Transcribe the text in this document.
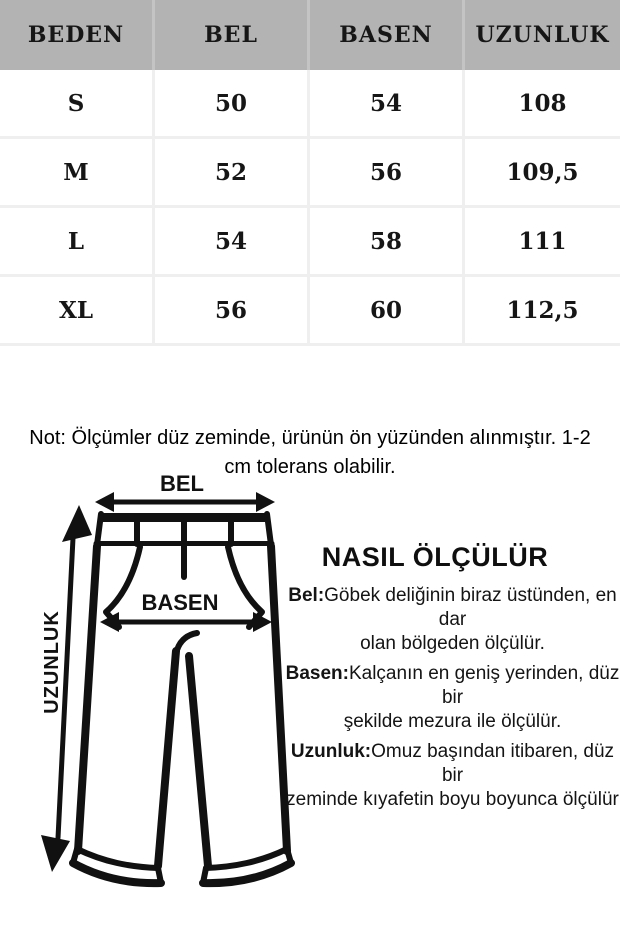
BEDEN	BEL	BASEN	UZUNLUK
S	50	54	108
M	52	56	109,5
L	54	58	111
XL	56	60	112,5
Not: Ölçümler düz zeminde, ürünün ön yüzünden alınmıştır. 1-2
cm tolerans olabilir.
BEL
BASEN
UZUNLUK
NASIL ÖLÇÜLÜR
Bel:Göbek deliğinin biraz üstünden, en dar
olan bölgeden ölçülür.
Basen:Kalçanın en geniş yerinden, düz bir
şekilde mezura ile ölçülür.
Uzunluk:Omuz başından itibaren, düz bir
zeminde kıyafetin boyu boyunca ölçülür
